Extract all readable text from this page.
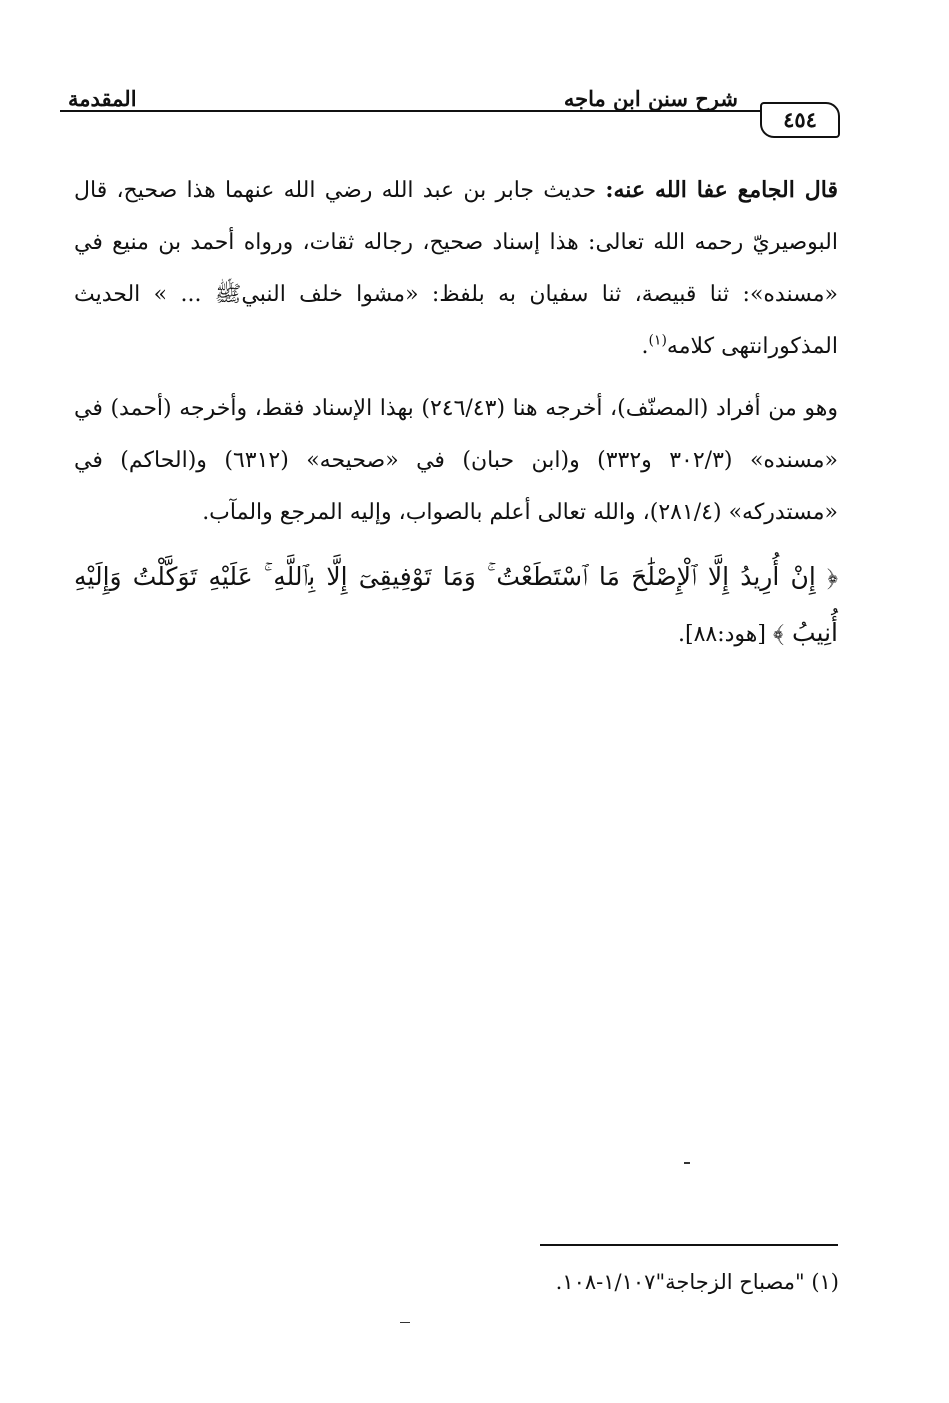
المقدمة	شرح سنن ابن ماجه
٤٥٤

قال الجامع عفا الله عنه: حديث جابر بن عبد الله رضي الله عنهما هذا صحيح، قال البوصيريّ رحمه الله تعالى: هذا إسناد صحيح، رجاله ثقات، ورواه أحمد بن منيع في «مسنده»: ثنا قبيصة، ثنا سفيان به بلفظ: «مشوا خلف النبيﷺ ... » الحديث المذكورانتهى كلامه$^{(١)}$.

وهو من أفراد (المصنّف)، أخرجه هنا (٢٤٦/٤٣) بهذا الإسناد فقط، وأخرجه (أحمد) في «مسنده» (٣٠٢/٣ و٣٣٢) و(ابن حبان) في «صحيحه» (٦٣١٢) و(الحاكم) في «مستدركه» (٢٨١/٤)، والله تعالى أعلم بالصواب، وإليه المرجع والمآب.

﴿ إِنْ أُرِيدُ إِلَّا ٱلْإِصْلَٰحَ مَا ٱسْتَطَعْتُ ۚ وَمَا تَوْفِيقِىٓ إِلَّا بِٱللَّهِ ۚ عَلَيْهِ تَوَكَّلْتُ وَإِلَيْهِ أُنِيبُ ﴾ [هود:٨٨].

(١) "مصباح الزجاجة"١/١٠٧-١٠٨.
